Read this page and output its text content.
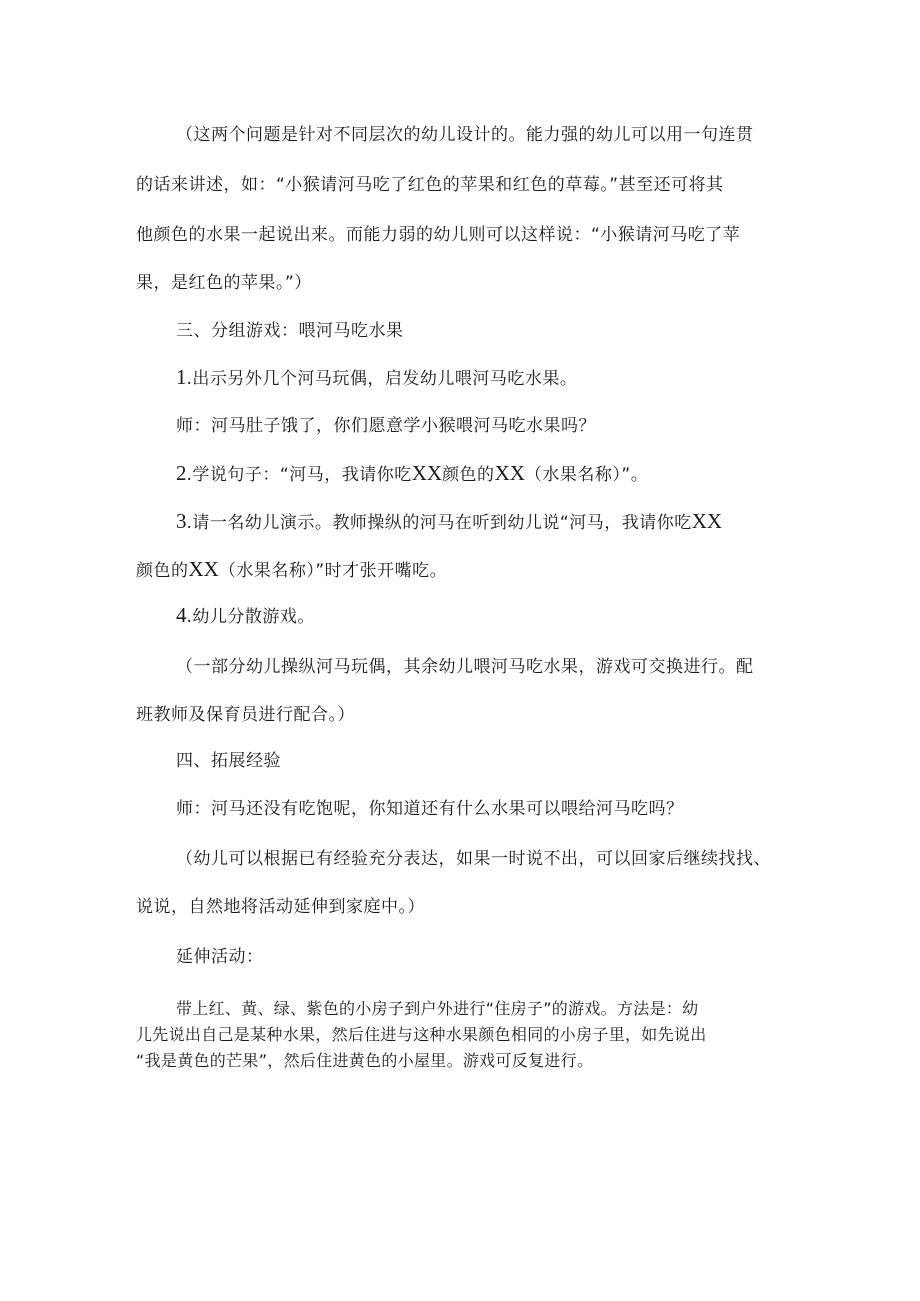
（这两个问题是针对不同层次的幼儿设计的。能力强的幼儿可以用一句连贯
的话来讲述，如：“小猴请河马吃了红色的苹果和红色的草莓。”甚至还可将其
他颜色的水果一起说出来。而能力弱的幼儿则可以这样说：“小猴请河马吃了苹
果，是红色的苹果。”）
三、分组游戏：喂河马吃水果
1.出示另外几个河马玩偶，启发幼儿喂河马吃水果。
师：河马肚子饿了，你们愿意学小猴喂河马吃水果吗？
2.学说句子：“河马，我请你吃XX颜色的XX（水果名称）”。
3.请一名幼儿演示。教师操纵的河马在听到幼儿说“河马，我请你吃XX
颜色的XX（水果名称）”时才张开嘴吃。
4.幼儿分散游戏。
（一部分幼儿操纵河马玩偶，其余幼儿喂河马吃水果，游戏可交换进行。配
班教师及保育员进行配合。）
四、拓展经验
师：河马还没有吃饱呢，你知道还有什么水果可以喂给河马吃吗？
（幼儿可以根据已有经验充分表达，如果一时说不出，可以回家后继续找找、
说说，自然地将活动延伸到家庭中。）
延伸活动：
带上红、黄、绿、紫色的小房子到户外进行“住房子”的游戏。方法是：幼
儿先说出自己是某种水果，然后住进与这种水果颜色相同的小房子里，如先说出
“我是黄色的芒果”，然后住进黄色的小屋里。游戏可反复进行。
